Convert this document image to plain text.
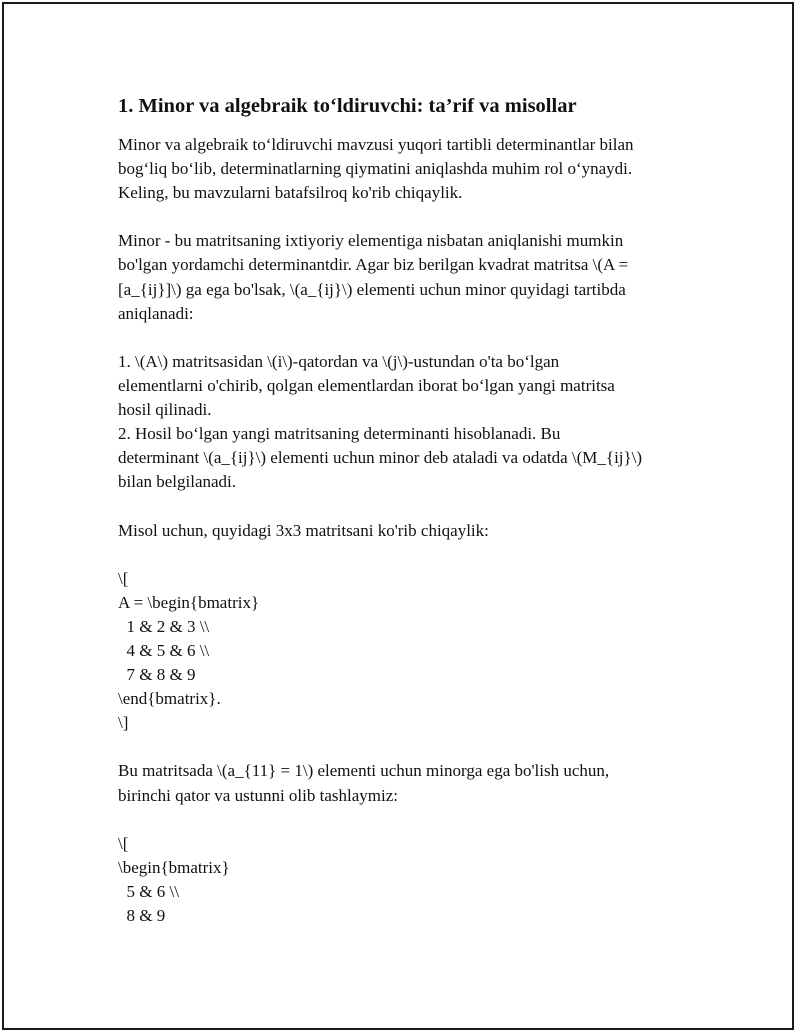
1. Minor va algebraik to‘ldiruvchi: ta’rif va misollar
Minor va algebraik to‘ldiruvchi mavzusi yuqori tartibli determinantlar bilan
bog‘liq bo‘lib, determinatlarning qiymatini aniqlashda muhim rol o‘ynaydi.
Keling, bu mavzularni batafsilroq ko'rib chiqaylik.
Minor - bu matritsaning ixtiyoriy elementiga nisbatan aniqlanishi mumkin
bo'lgan yordamchi determinantdir. Agar biz berilgan kvadrat matritsa \(A =
[a_{ij}]\) ga ega bo'lsak, \(a_{ij}\) elementi uchun minor quyidagi tartibda
aniqlanadi:
1. \(A\) matritsasidan \(i\)-qatordan va \(j\)-ustundan o'ta bo‘lgan
elementlarni o'chirib, qolgan elementlardan iborat bo‘lgan yangi matritsa
hosil qilinadi.
2. Hosil bo‘lgan yangi matritsaning determinanti hisoblanadi. Bu
determinant \(a_{ij}\) elementi uchun minor deb ataladi va odatda \(M_{ij}\)
bilan belgilanadi.
Misol uchun, quyidagi 3x3 matritsani ko'rib chiqaylik:
\[
A = \begin{bmatrix}
1 & 2 & 3 \\
4 & 5 & 6 \\
7 & 8 & 9
\end{bmatrix}.
\]
Bu matritsada \(a_{11} = 1\) elementi uchun minorga ega bo'lish uchun,
birinchi qator va ustunni olib tashlaymiz:
\[
\begin{bmatrix}
5 & 6 \\
8 & 9
